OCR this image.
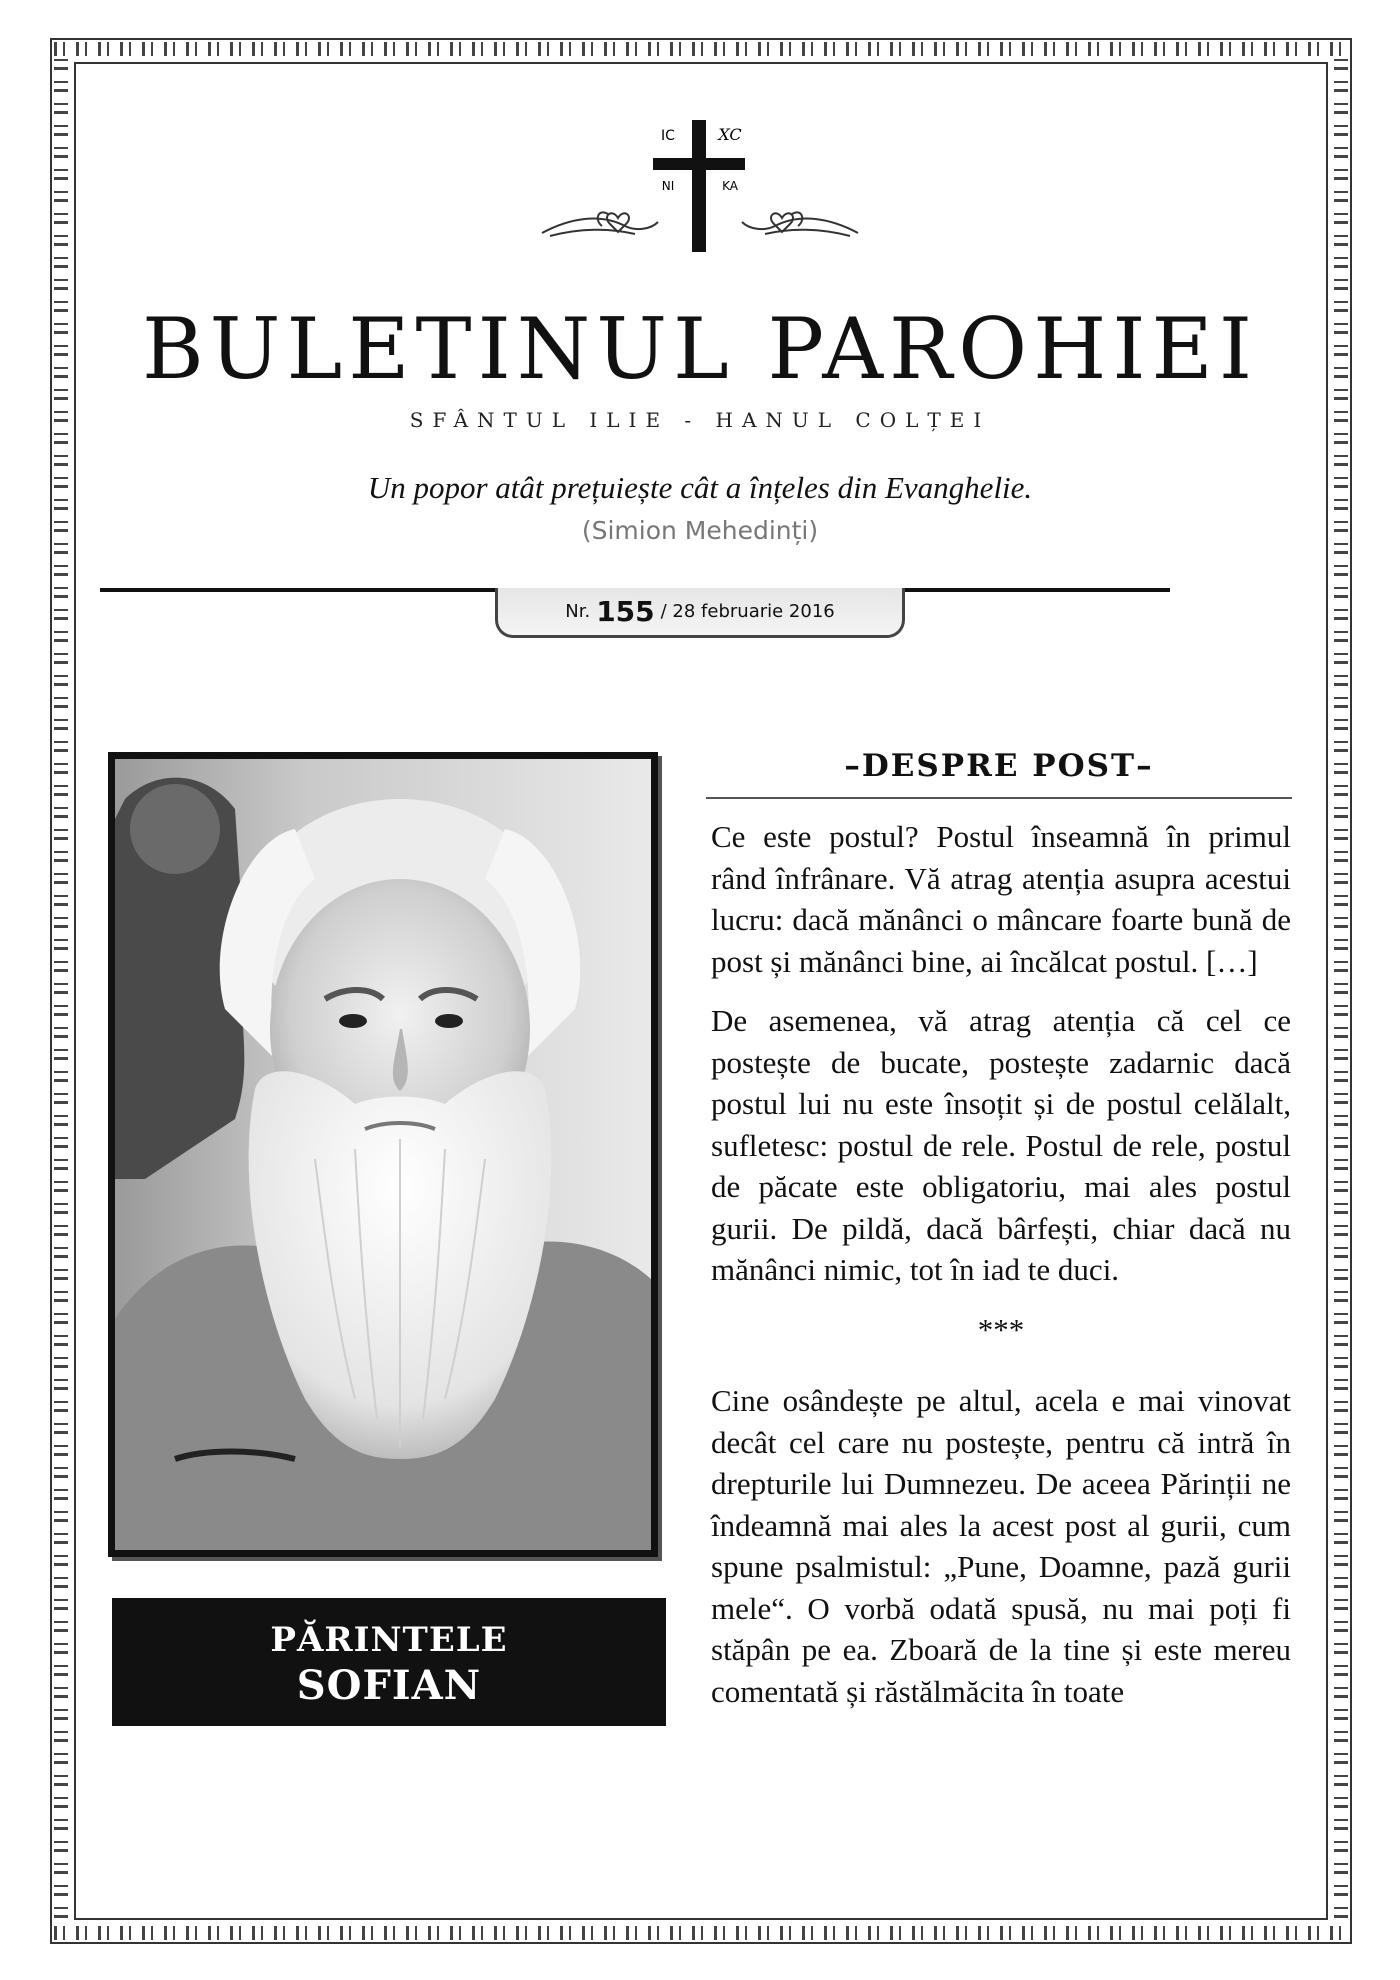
IC	XC
NI	KA
BULETINUL PAROHIEI
SFÂNTUL ILIE - HANUL COLȚEI
Un popor atât prețuiește cât a înțeles din Evanghelie.
(Simion Mehedinți)
Nr. 155 / 28 februarie 2016
PĂRINTELE
SOFIAN
–DESPRE POST–

Ce este postul? Postul înseamnă în primul rând înfrânare. Vă atrag atenția asupra acestui lucru: dacă mănânci o mâncare foarte bună de post și mănânci bine, ai încălcat postul. […]

De asemenea, vă atrag atenția că cel ce postește de bucate, postește zadarnic dacă postul lui nu este însoțit și de postul celălalt, sufletesc: postul de rele. Postul de rele, postul de păcate este obligatoriu, mai ales postul gurii. De pildă, dacă bârfești, chiar dacă nu mănânci nimic, tot în iad te duci.

***

Cine osândește pe altul, acela e mai vinovat decât cel care nu postește, pentru că intră în drepturile lui Dumnezeu. De aceea Părinții ne îndeamnă mai ales la acest post al gurii, cum spune psalmistul: „Pune, Doamne, pază gurii mele“. O vorbă odată spusă, nu mai poți fi stăpân pe ea. Zboară de la tine și este mereu comentată și răstălmăcita în toate
